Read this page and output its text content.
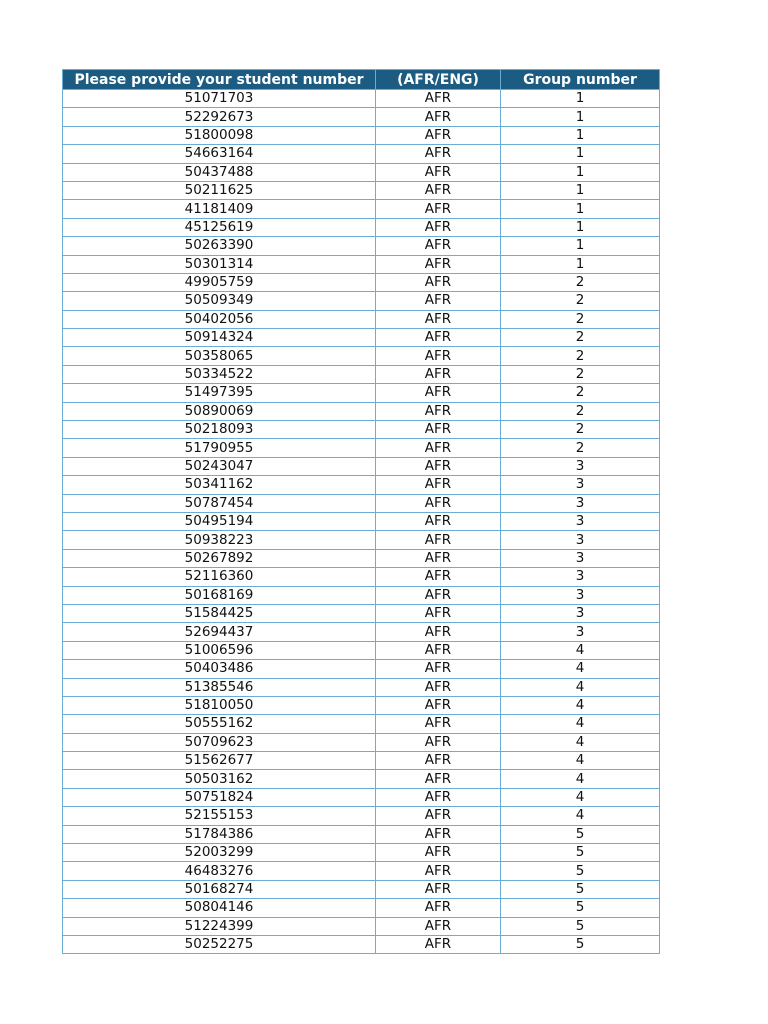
Please provide your student number	(AFR/ENG)	Group number
51071703	AFR	1
52292673	AFR	1
51800098	AFR	1
54663164	AFR	1
50437488	AFR	1
50211625	AFR	1
41181409	AFR	1
45125619	AFR	1
50263390	AFR	1
50301314	AFR	1
49905759	AFR	2
50509349	AFR	2
50402056	AFR	2
50914324	AFR	2
50358065	AFR	2
50334522	AFR	2
51497395	AFR	2
50890069	AFR	2
50218093	AFR	2
51790955	AFR	2
50243047	AFR	3
50341162	AFR	3
50787454	AFR	3
50495194	AFR	3
50938223	AFR	3
50267892	AFR	3
52116360	AFR	3
50168169	AFR	3
51584425	AFR	3
52694437	AFR	3
51006596	AFR	4
50403486	AFR	4
51385546	AFR	4
51810050	AFR	4
50555162	AFR	4
50709623	AFR	4
51562677	AFR	4
50503162	AFR	4
50751824	AFR	4
52155153	AFR	4
51784386	AFR	5
52003299	AFR	5
46483276	AFR	5
50168274	AFR	5
50804146	AFR	5
51224399	AFR	5
50252275	AFR	5
